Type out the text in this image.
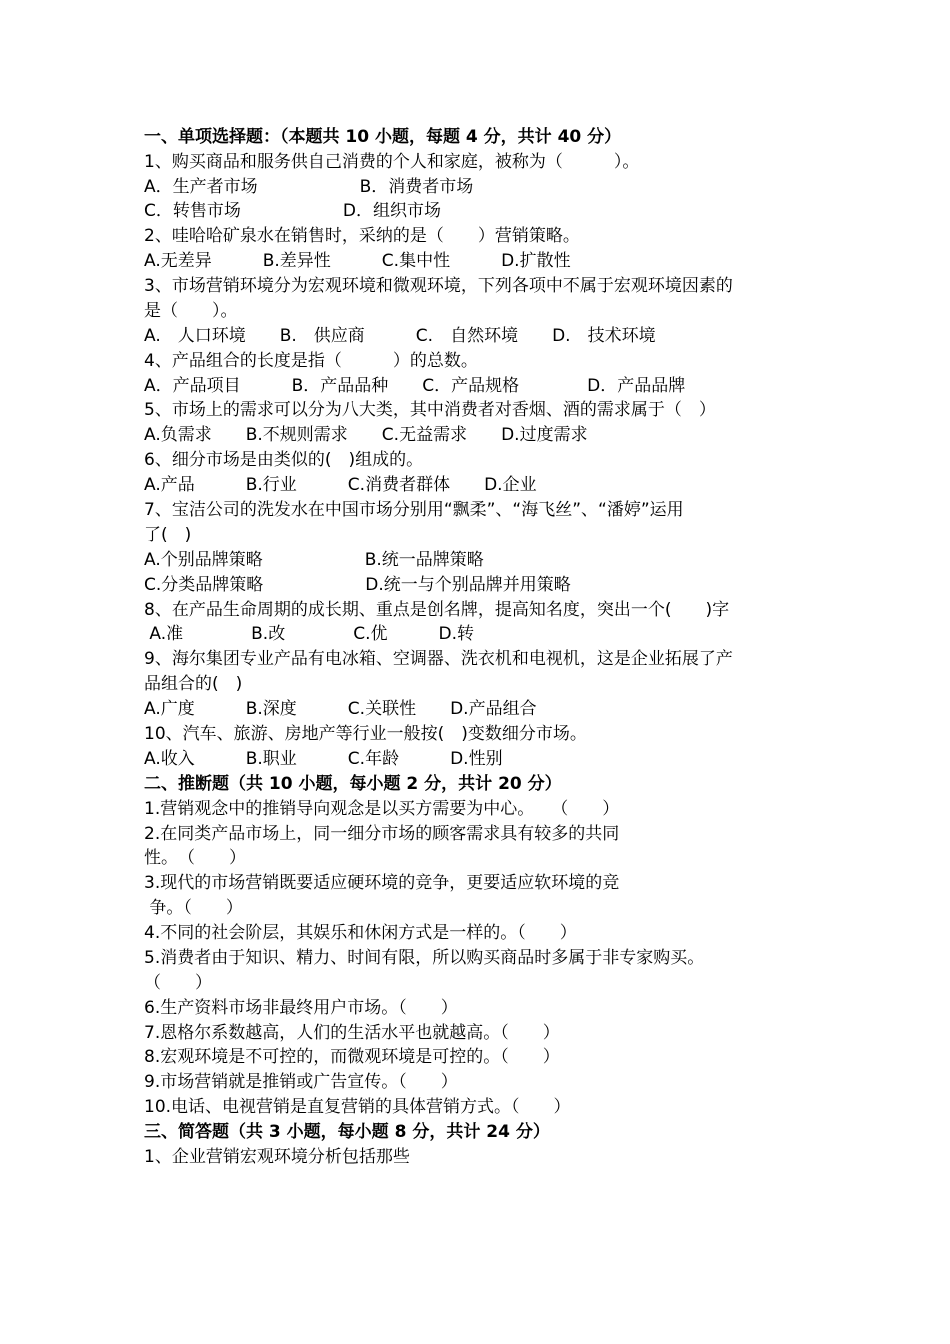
一、单项选择题：（本题共 10 小题，每题 4 分，共计 40 分）
1、购买商品和服务供自己消费的个人和家庭，被称为（　　　）。
A．生产者市场　　　　　　B．消费者市场
C．转售市场　　　　　　D．组织市场
2、哇哈哈矿泉水在销售时，采纳的是（　　）营销策略。
A.无差异　　　B.差异性　　　C.集中性　　　D.扩散性
3、市场营销环境分为宏观环境和微观环境，下列各项中不属于宏观环境因素的
是（　　）。
A.　人口环境　　B.　供应商　　　C.　自然环境　　D.　技术环境
4、产品组合的长度是指（　　　）的总数。
A．产品项目　　　B．产品品种　　C．产品规格　　　　D．产品品牌
5、市场上的需求可以分为八大类，其中消费者对香烟、酒的需求属于（　）
A.负需求　　B.不规则需求　　C.无益需求　　D.过度需求
6、细分市场是由类似的(　)组成的。
A.产品　　　B.行业　　　C.消费者群体　　D.企业
7、宝洁公司的洗发水在中国市场分别用“飘柔”、“海飞丝”、“潘婷”运用
了(　)
A.个别品牌策略　　　　　　B.统一品牌策略
C.分类品牌策略　　　　　　D.统一与个别品牌并用策略
8、在产品生命周期的成长期、重点是创名牌，提高知名度，突出一个(　　)字
A.准　　　　B.改　　　　C.优　　　D.转
9、海尔集团专业产品有电冰箱、空调器、洗衣机和电视机，这是企业拓展了产
品组合的(　)
A.广度　　　B.深度　　　C.关联性　　D.产品组合
10、汽车、旅游、房地产等行业一般按(　)变数细分市场。
A.收入　　　B.职业　　　C.年龄　　　D.性别
二、推断题（共 10 小题，每小题 2 分，共计 20 分）
1.营销观念中的推销导向观念是以买方需要为中心。　　（　　）
2.在同类产品市场上，同一细分市场的顾客需求具有较多的共同
性。　（　　）
3.现代的市场营销既要适应硬环境的竞争，更要适应软环境的竞
争。（　　）
4.不同的社会阶层，其娱乐和休闲方式是一样的。（　　）
5.消费者由于知识、精力、时间有限，所以购买商品时多属于非专家购买。
（　　）
6.生产资料市场非最终用户市场。（　　）
7.恩格尔系数越高，人们的生活水平也就越高。（　　）
8.宏观环境是不可控的，而微观环境是可控的。（　　）
9.市场营销就是推销或广告宣传。（　　）
10.电话、电视营销是直复营销的具体营销方式。（　　）
三、简答题（共 3 小题，每小题 8 分，共计 24 分）
1、企业营销宏观环境分析包括那些
